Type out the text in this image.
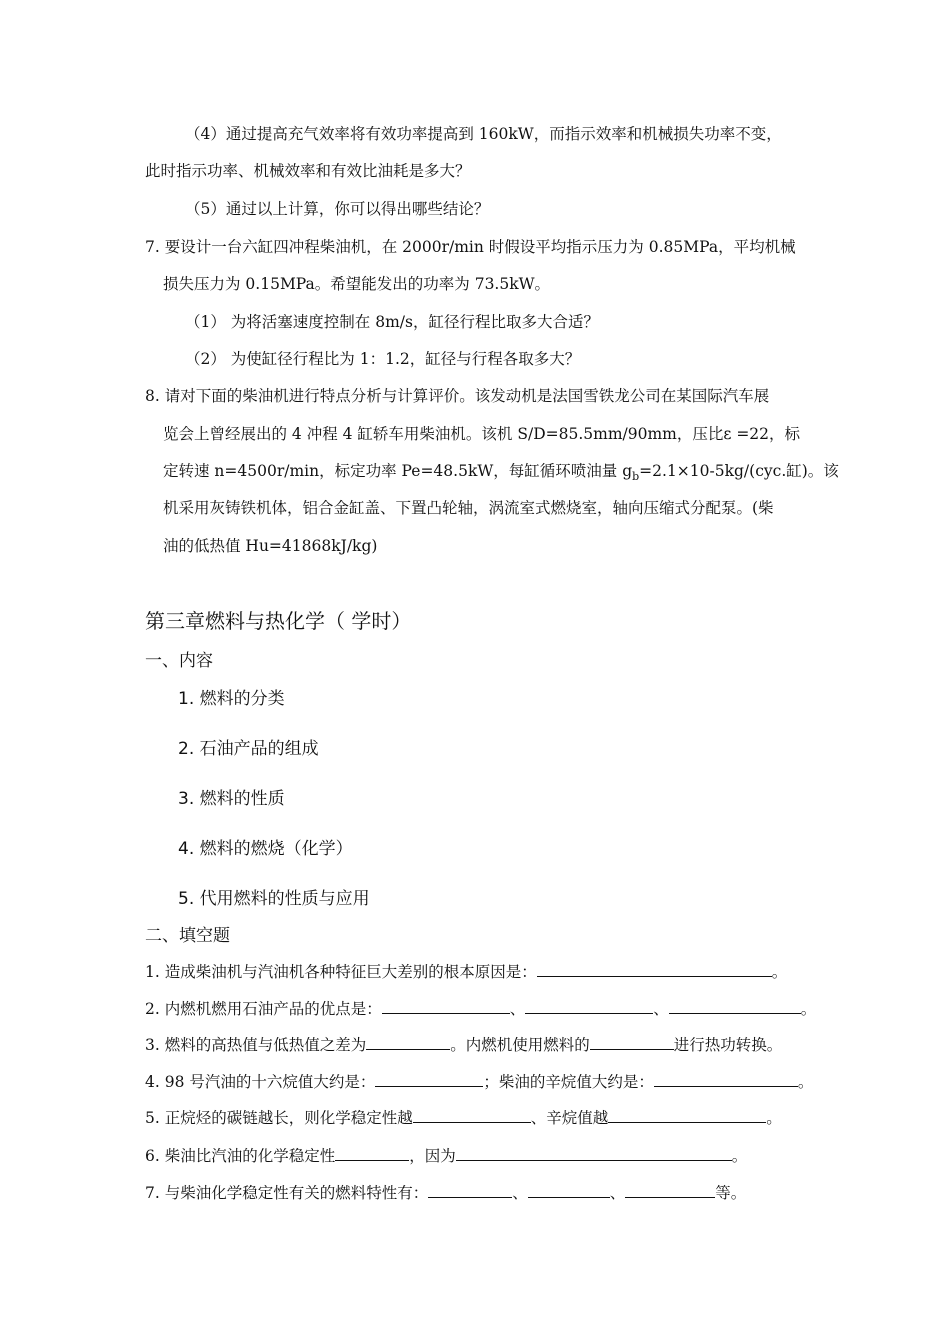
（4）通过提高充气效率将有效功率提高到 160kW，而指示效率和机械损失功率不变，
此时指示功率、机械效率和有效比油耗是多大？
（5）通过以上计算，你可以得出哪些结论？
7. 要设计一台六缸四冲程柴油机，在 2000r/min 时假设平均指示压力为 0.85MPa，平均机械
损失压力为 0.15MPa。希望能发出的功率为 73.5kW。
（1） 为将活塞速度控制在 8m/s，缸径行程比取多大合适？
（2） 为使缸径行程比为 1：1.2，缸径与行程各取多大？
8. 请对下面的柴油机进行特点分析与计算评价。该发动机是法国雪铁龙公司在某国际汽车展
览会上曾经展出的 4 冲程 4 缸轿车用柴油机。该机 S/D=85.5mm/90mm，压比ε =22，标
定转速 n=4500r/min，标定功率 Pe=48.5kW，每缸循环喷油量 $g_b=2.1\times 10-5kg/(cyc$.缸)。该
机采用灰铸铁机体，铝合金缸盖、下置凸轮轴，涡流室式燃烧室，轴向压缩式分配泵。(柴
油的低热值 Hu=41868kJ/kg)
第三章燃料与热化学（ 学时）
一、内容
1. 燃料的分类
2. 石油产品的组成
3. 燃料的性质
4. 燃料的燃烧（化学）
5. 代用燃料的性质与应用
二、填空题
1. 造成柴油机与汽油机各种特征巨大差别的根本原因是：	。
2. 内燃机燃用石油产品的优点是：	、	、	。
3. 燃料的高热值与低热值之差为	。内燃机使用燃料的	进行热功转换。
4. 98 号汽油的十六烷值大约是：	；柴油的辛烷值大约是：	。
5. 正烷烃的碳链越长，则化学稳定性越	、辛烷值越	。
6. 柴油比汽油的化学稳定性	，因为	。
7. 与柴油化学稳定性有关的燃料特性有：	、	、	等。
